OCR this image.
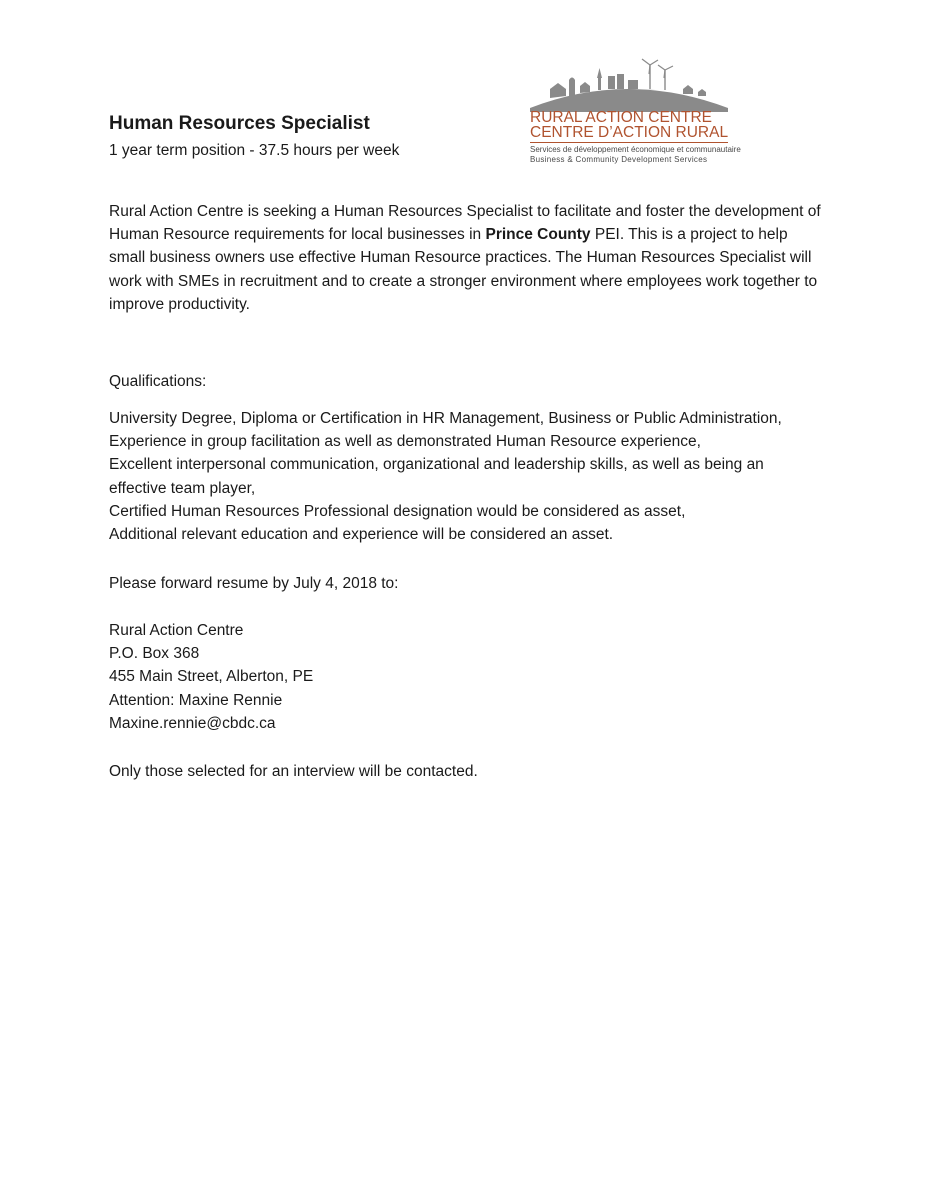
Human Resources Specialist

1 year term position - 37.5 hours per week

RURAL ACTION CENTRE
CENTRE D’ACTION RURAL
Services de développement économique et communautaire
Business & Community Development Services

Rural Action Centre is seeking a Human Resources Specialist to facilitate and foster the development of Human Resource requirements for local businesses in Prince County PEI. This is a project to help small business owners use effective Human Resource practices. The Human Resources Specialist will work with SMEs in recruitment and to create a stronger environment where employees work together to improve productivity.

Qualifications:

University Degree, Diploma or Certification in HR Management, Business or Public Administration,
Experience in group facilitation as well as demonstrated Human Resource experience,
Excellent interpersonal communication, organizational and leadership skills, as well as being an effective team player,
Certified Human Resources Professional designation would be considered as asset,
Additional relevant education and experience will be considered an asset.

Please forward resume by July 4, 2018 to:

Rural Action Centre
P.O. Box 368
455 Main Street, Alberton, PE
Attention: Maxine Rennie
Maxine.rennie@cbdc.ca

Only those selected for an interview will be contacted.
